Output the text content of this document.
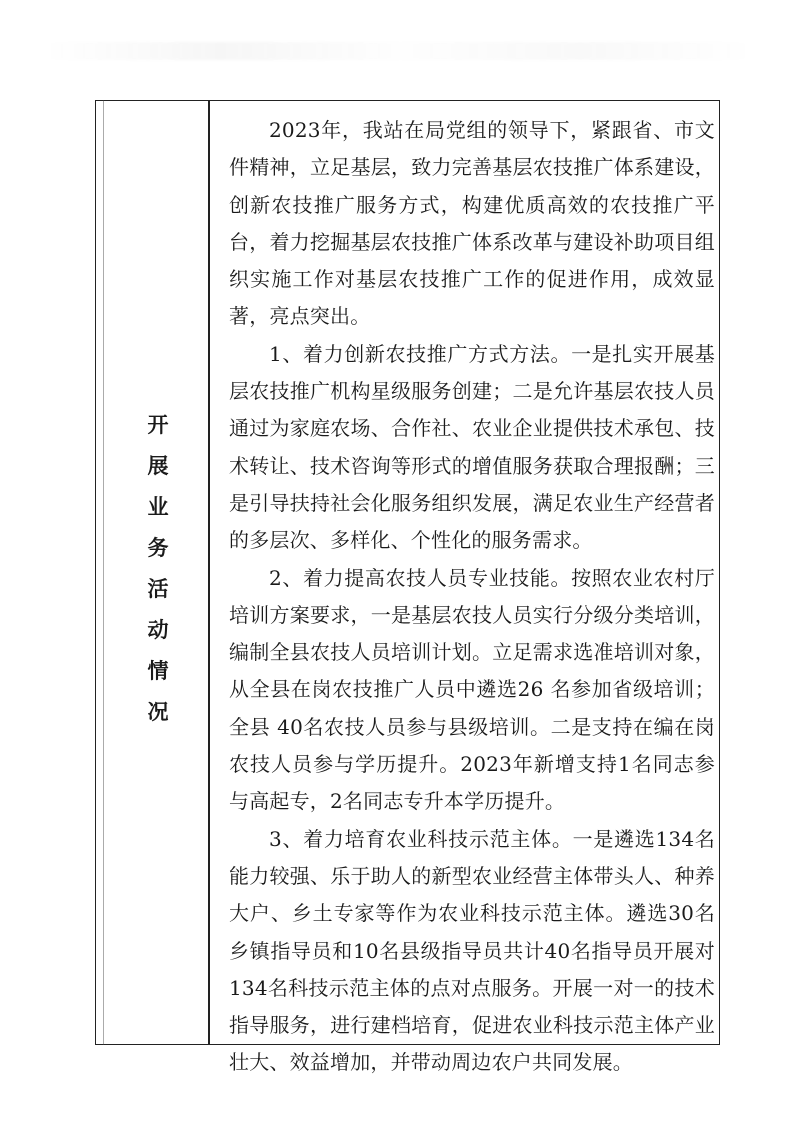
开
展
业
务
活
动
情
况

2023年，我站在局党组的领导下，紧跟省、市文件精神，立足基层，致力完善基层农技推广体系建设，创新农技推广服务方式，构建优质高效的农技推广平台，着力挖掘基层农技推广体系改革与建设补助项目组织实施工作对基层农技推广工作的促进作用，成效显著，亮点突出。

1、着力创新农技推广方式方法。一是扎实开展基层农技推广机构星级服务创建；二是允许基层农技人员通过为家庭农场、合作社、农业企业提供技术承包、技术转让、技术咨询等形式的增值服务获取合理报酬；三是引导扶持社会化服务组织发展，满足农业生产经营者的多层次、多样化、个性化的服务需求。

2、着力提高农技人员专业技能。按照农业农村厅培训方案要求，一是基层农技人员实行分级分类培训，编制全县农技人员培训计划。立足需求选准培训对象，从全县在岗农技推广人员中遴选26 名参加省级培训；全县 40名农技人员参与县级培训。二是支持在编在岗农技人员参与学历提升。2023年新增支持1名同志参与高起专，2名同志专升本学历提升。

3、着力培育农业科技示范主体。一是遴选134名能力较强、乐于助人的新型农业经营主体带头人、种养大户、乡土专家等作为农业科技示范主体。遴选30名乡镇指导员和10名县级指导员共计40名指导员开展对134名科技示范主体的点对点服务。开展一对一的技术指导服务，进行建档培育，促进农业科技示范主体产业壮大、效益增加，并带动周边农户共同发展。
